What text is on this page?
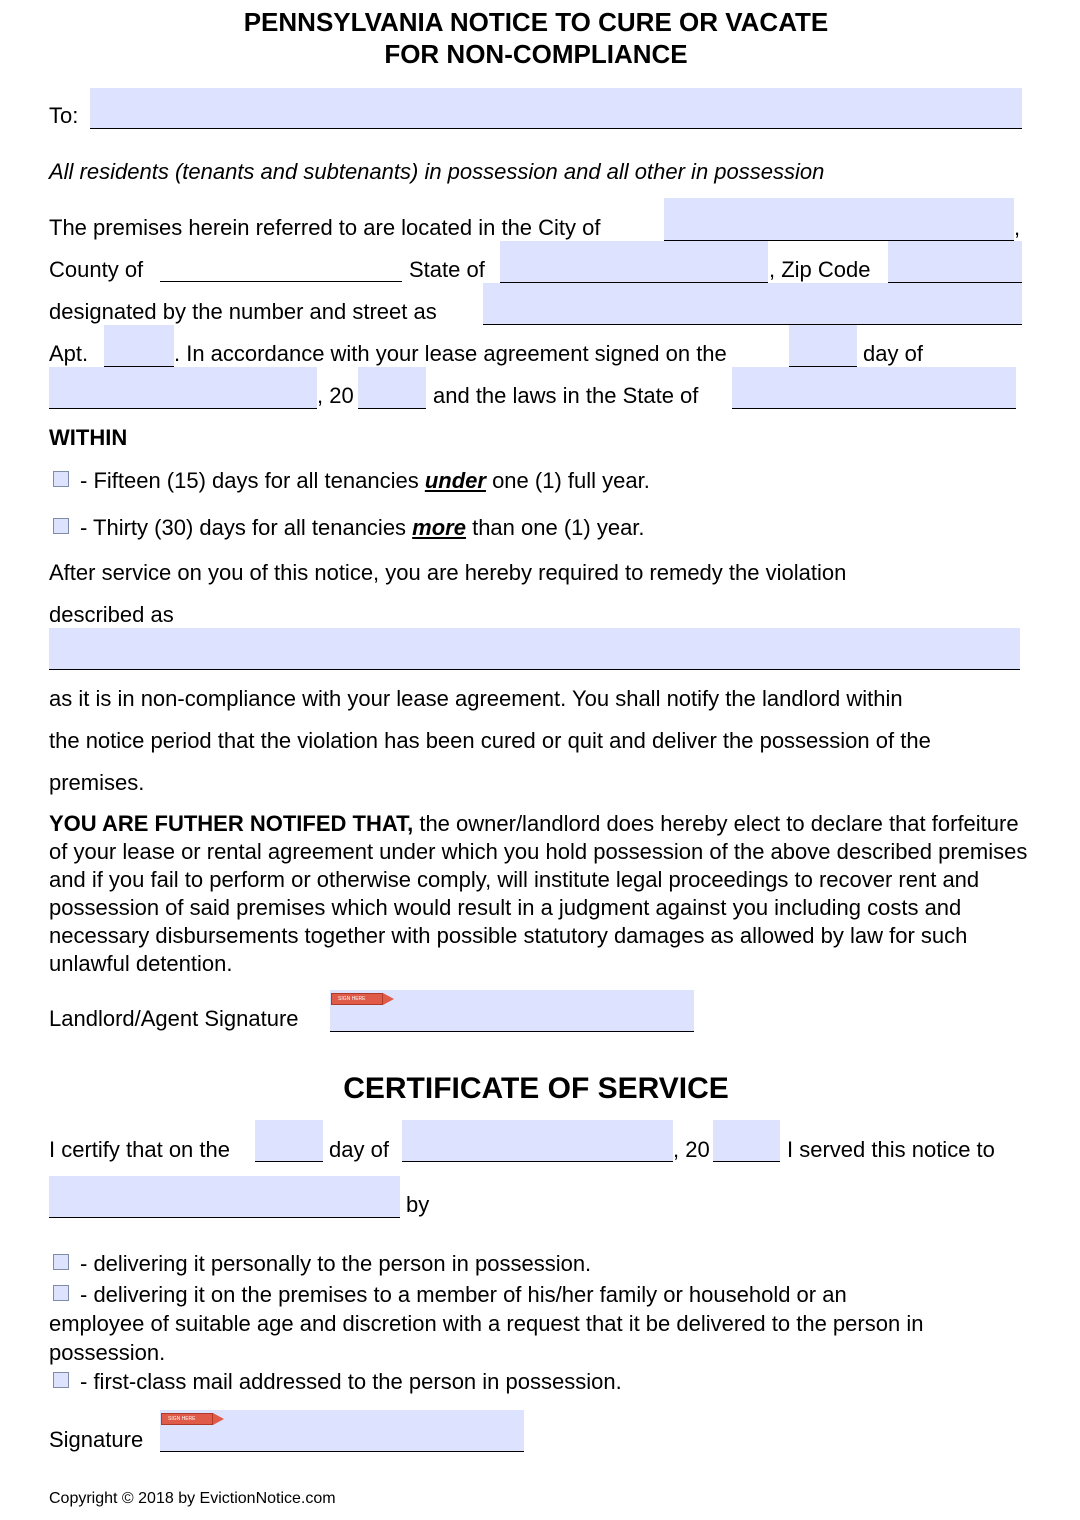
PENNSYLVANIA NOTICE TO CURE OR VACATE
FOR NON-COMPLIANCE
To:
All residents (tenants and subtenants) in possession and all other in possession
The premises herein referred to are located in the City of	,
County of	State of	, Zip Code
designated by the number and street as
Apt.	. In accordance with your lease agreement signed on the	day of
, 20	and the laws in the State of
WITHIN
- Fifteen (15) days for all tenancies under one (1) full year.
- Thirty (30) days for all tenancies more than one (1) year.
After service on you of this notice, you are hereby required to remedy the violation
described as
as it is in non-compliance with your lease agreement. You shall notify the landlord within
the notice period that the violation has been cured or quit and deliver the possession of the
premises.
YOU ARE FUTHER NOTIFED THAT, the owner/landlord does hereby elect to declare that forfeiture of your lease or rental agreement under which you hold possession of the above described premises and if you fail to perform or otherwise comply, will institute legal proceedings to recover rent and possession of said premises which would result in a judgment against you including costs and necessary disbursements together with possible statutory damages as allowed by law for such unlawful detention.
Landlord/Agent Signature
SIGN HERE
CERTIFICATE OF SERVICE
I certify that on the	day of	, 20	I served this notice to
by
- delivering it personally to the person in possession.
- delivering it on the premises to a member of his/her family or household or an
employee of suitable age and discretion with a request that it be delivered to the person in
possession.
- first-class mail addressed to the person in possession.
Signature
SIGN HERE
Copyright © 2018 by EvictionNotice.com
